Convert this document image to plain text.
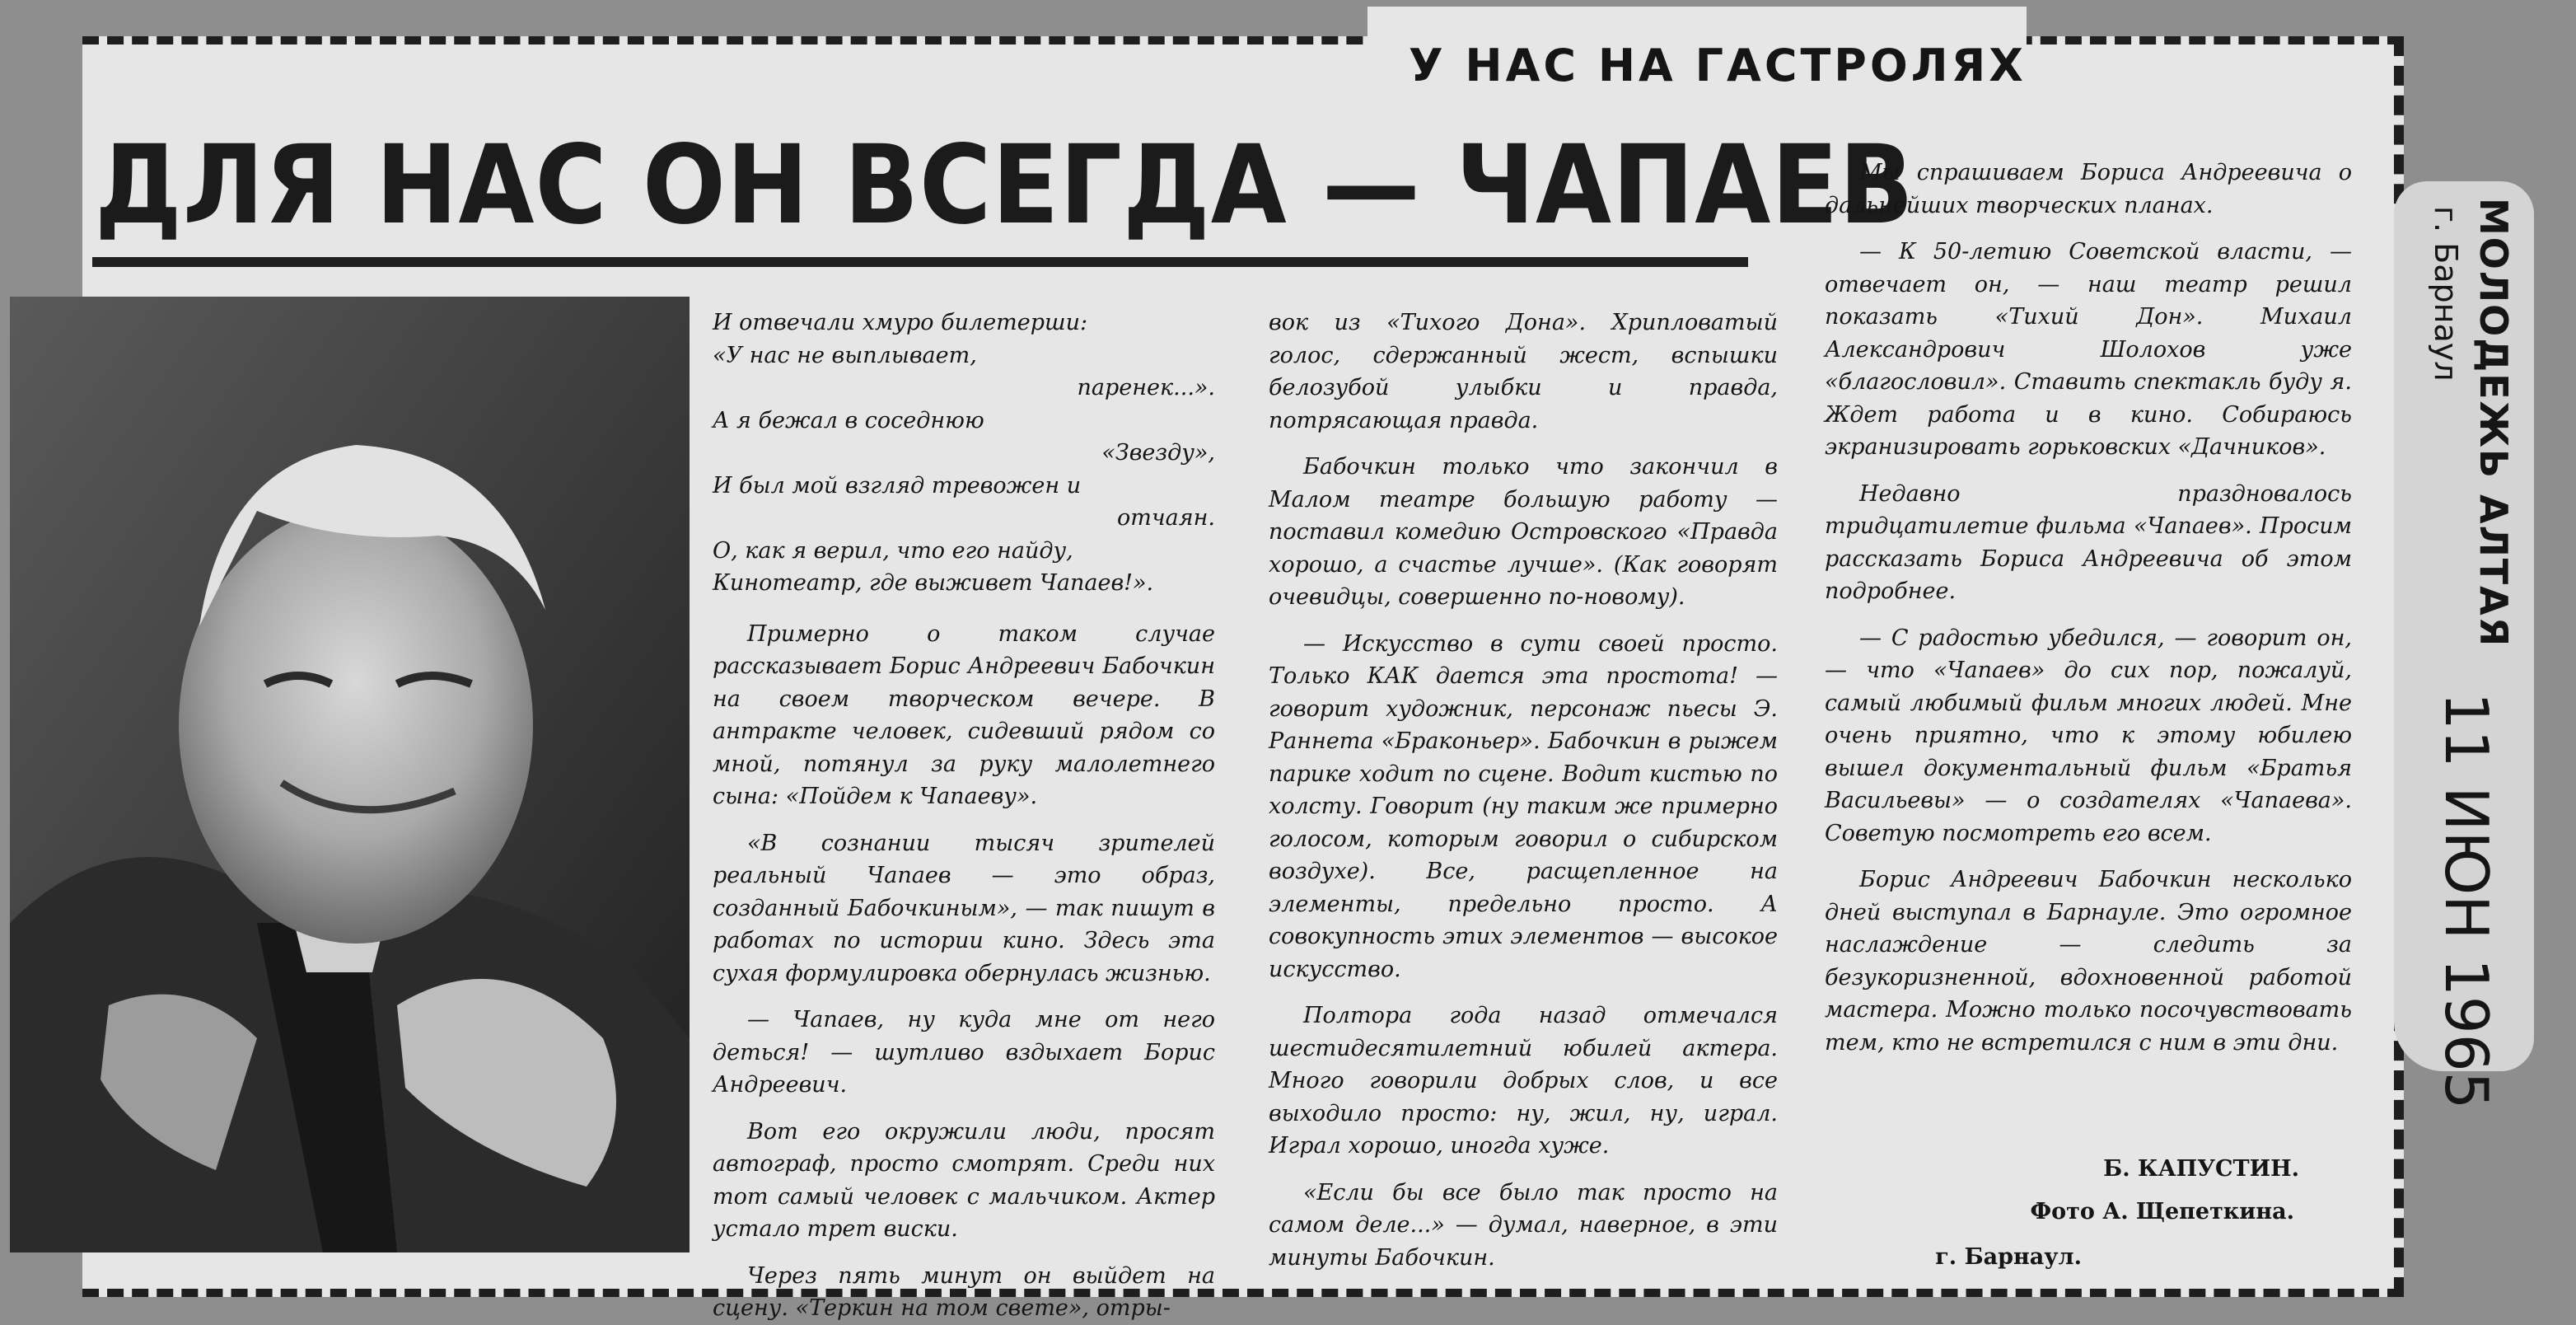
У НАС НА ГАСТРОЛЯХ
ДЛЯ НАС ОН ВСЕГДА — ЧАПАЕВ

И отвечали хмуро билетерши:

«У нас не выплывает,

паренек...».

А я бежал в соседнюю

«Звезду»,

И был мой взгляд тревожен и

отчаян.

О, как я верил, что его найду,

Кинотеатр, где выживет Чапаев!».

Примерно о таком случае рассказывает Борис Андреевич Бабочкин на своем творческом вечере. В антракте человек, сидевший рядом со мной, потянул за руку малолетнего сына: «Пойдем к Чапаеву».

«В сознании тысяч зрителей реальный Чапаев — это образ, созданный Бабочкиным», — так пишут в работах по истории кино. Здесь эта сухая формулировка обернулась жизнью.

— Чапаев, ну куда мне от него деться! — шутливо вздыхает Борис Андреевич.

Вот его окружили люди, просят автограф, просто смотрят. Среди них тот самый человек с мальчиком. Актер устало трет виски.

Через пять минут он выйдет на сцену. «Теркин на том свете», отры-

вок из «Тихого Дона». Хрипловатый голос, сдержанный жест, вспышки белозубой улыбки и правда, потрясающая правда.

Бабочкин только что закончил в Малом театре большую работу — поставил комедию Островского «Правда хорошо, а счастье лучше». (Как говорят очевидцы, совершенно по-новому).

— Искусство в сути своей просто. Только КАК дается эта простота! — говорит художник, персонаж пьесы Э. Раннета «Браконьер». Бабочкин в рыжем парике ходит по сцене. Водит кистью по холсту. Говорит (ну таким же примерно голосом, которым говорил о сибирском воздухе). Все, расщепленное на элементы, предельно просто. А совокупность этих элементов — высокое искусство.

Полтора года назад отмечался шестидесятилетний юбилей актера. Много говорили добрых слов, и все выходило просто: ну, жил, ну, играл. Играл хорошо, иногда хуже.

«Если бы все было так просто на самом деле...» — думал, наверное, в эти минуты Бабочкин.

Мы спрашиваем Бориса Андреевича о дальнейших творческих планах.

— К 50-летию Советской власти, — отвечает он, — наш театр решил показать «Тихий Дон». Михаил Александрович Шолохов уже «благословил». Ставить спектакль буду я. Ждет работа и в кино. Собираюсь экранизировать горьковских «Дачников».

Недавно праздновалось тридцатилетие фильма «Чапаев». Просим рассказать Бориса Андреевича об этом подробнее.

— С радостью убедился, — говорит он, — что «Чапаев» до сих пор, пожалуй, самый любимый фильм многих людей. Мне очень приятно, что к этому юбилею вышел документальный фильм «Братья Васильевы» — о создателях «Чапаева». Советую посмотреть его всем.

Борис Андреевич Бабочкин несколько дней выступал в Барнауле. Это огромное наслаждение — следить за безукоризненной, вдохновенной работой мастера. Можно только посочувствовать тем, кто не встретился с ним в эти дни.

Б. КАПУСТИН.
Фото А. Щепеткина.
г. Барнаул.
МОЛОДЕЖЬ АЛТАЯ
г. Барнаул
11 ИЮН 1965
